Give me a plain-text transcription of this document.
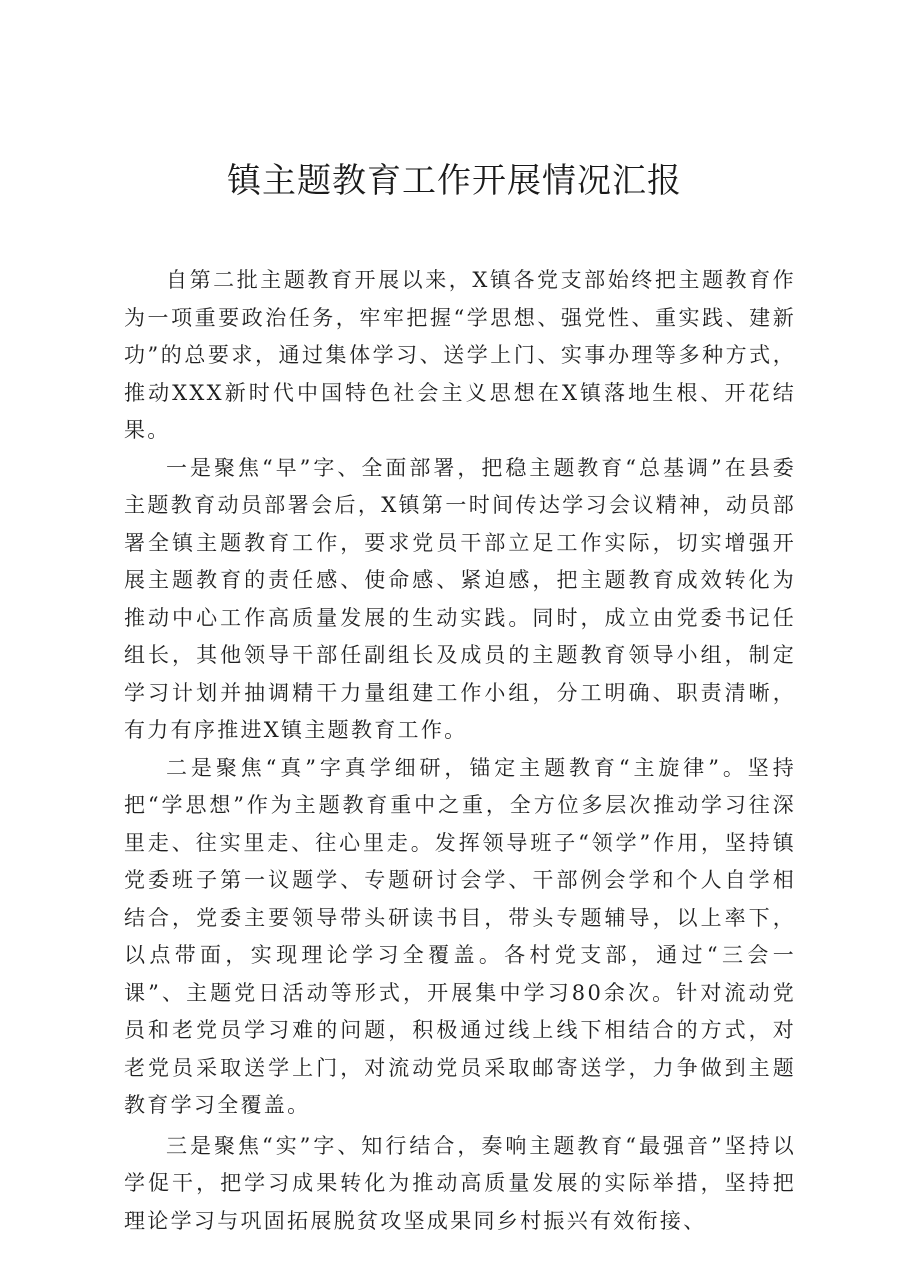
镇主题教育工作开展情况汇报

自第二批主题教育开展以来，X镇各党支部始终把主题教育作为一项重要政治任务，牢牢把握“学思想、强党性、重实践、建新功”的总要求，通过集体学习、送学上门、实事办理等多种方式，推动XXX新时代中国特色社会主义思想在X镇落地生根、开花结果。

一是聚焦“早”字、全面部署，把稳主题教育“总基调”在县委主题教育动员部署会后，X镇第一时间传达学习会议精神，动员部署全镇主题教育工作，要求党员干部立足工作实际，切实增强开展主题教育的责任感、使命感、紧迫感，把主题教育成效转化为推动中心工作高质量发展的生动实践。同时，成立由党委书记任组长，其他领导干部任副组长及成员的主题教育领导小组，制定学习计划并抽调精干力量组建工作小组，分工明确、职责清晰，有力有序推进X镇主题教育工作。

二是聚焦“真”字真学细研，锚定主题教育“主旋律”。坚持把“学思想”作为主题教育重中之重，全方位多层次推动学习往深里走、往实里走、往心里走。发挥领导班子“领学”作用，坚持镇党委班子第一议题学、专题研讨会学、干部例会学和个人自学相结合，党委主要领导带头研读书目，带头专题辅导，以上率下，以点带面，实现理论学习全覆盖。各村党支部，通过“三会一课”、主题党日活动等形式，开展集中学习80余次。针对流动党员和老党员学习难的问题，积极通过线上线下相结合的方式，对老党员采取送学上门，对流动党员采取邮寄送学，力争做到主题教育学习全覆盖。

三是聚焦“实”字、知行结合，奏响主题教育“最强音”坚持以学促干，把学习成果转化为推动高质量发展的实际举措，坚持把理论学习与巩固拓展脱贫攻坚成果同乡村振兴有效衔接、
